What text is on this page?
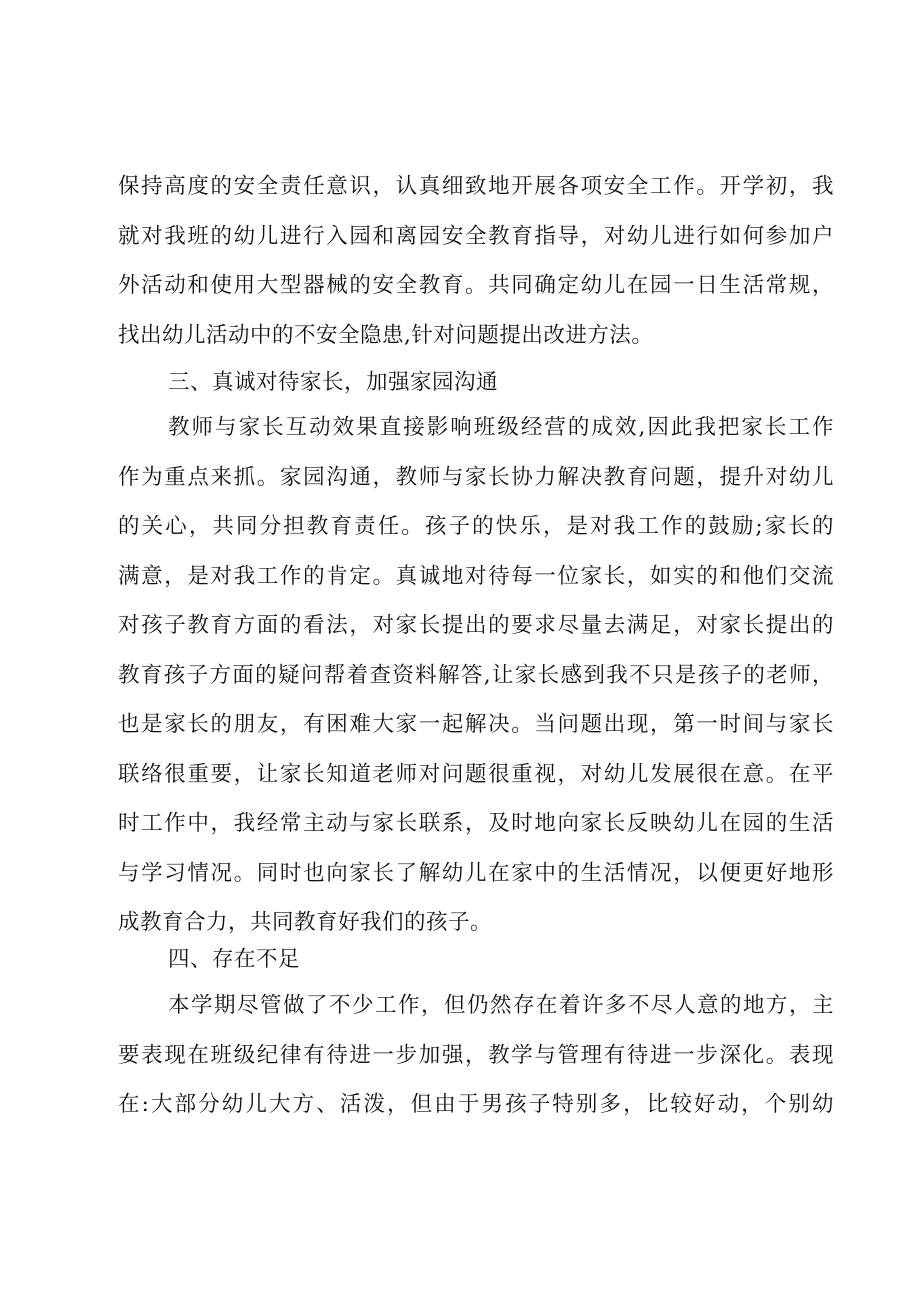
保持高度的安全责任意识，认真细致地开展各项安全工作。开学初，我
就对我班的幼儿进行入园和离园安全教育指导，对幼儿进行如何参加户
外活动和使用大型器械的安全教育。共同确定幼儿在园一日生活常规，
找出幼儿活动中的不安全隐患,针对问题提出改进方法。
三、真诚对待家长，加强家园沟通
教师与家长互动效果直接影响班级经营的成效,因此我把家长工作
作为重点来抓。家园沟通，教师与家长协力解决教育问题，提升对幼儿
的关心，共同分担教育责任。孩子的快乐，是对我工作的鼓励;家长的
满意，是对我工作的肯定。真诚地对待每一位家长，如实的和他们交流
对孩子教育方面的看法，对家长提出的要求尽量去满足，对家长提出的
教育孩子方面的疑问帮着查资料解答,让家长感到我不只是孩子的老师，
也是家长的朋友，有困难大家一起解决。当问题出现，第一时间与家长
联络很重要，让家长知道老师对问题很重视，对幼儿发展很在意。在平
时工作中，我经常主动与家长联系，及时地向家长反映幼儿在园的生活
与学习情况。同时也向家长了解幼儿在家中的生活情况，以便更好地形
成教育合力，共同教育好我们的孩子。
四、存在不足
本学期尽管做了不少工作，但仍然存在着许多不尽人意的地方，主
要表现在班级纪律有待进一步加强，教学与管理有待进一步深化。表现
在:大部分幼儿大方、活泼，但由于男孩子特别多，比较好动，个别幼
